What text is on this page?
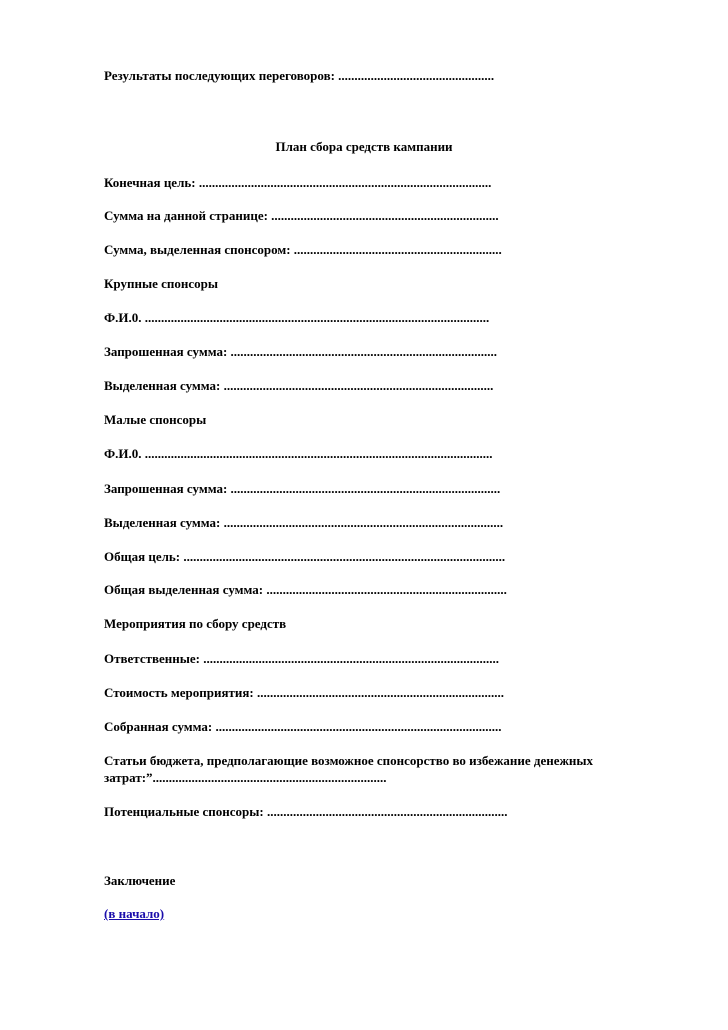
Результаты последующих переговоров: ................................................
План сбора средств кампании
Конечная цель: ..........................................................................................
Сумма на данной странице: ......................................................................
Сумма, выделенная спонсором: ................................................................
Крупные спонсоры
Ф.И.0. ..........................................................................................................
Запрошенная сумма: ..................................................................................
Выделенная сумма: ...................................................................................
Малые спонсоры
Ф.И.0. ...........................................................................................................
Запрошенная сумма: ...................................................................................
Выделенная сумма: ......................................................................................
Общая цель: ...................................................................................................
Общая выделенная сумма: ..........................................................................
Мероприятия по сбору средств
Ответственные: ...........................................................................................
Стоимость мероприятия: ............................................................................
Собранная сумма: ........................................................................................
Статьи бюджета, предполагающие возможное спонсорство во избежание денежных затрат:”........................................................................
Потенциальные спонсоры: ..........................................................................
Заключение
(в начало)
